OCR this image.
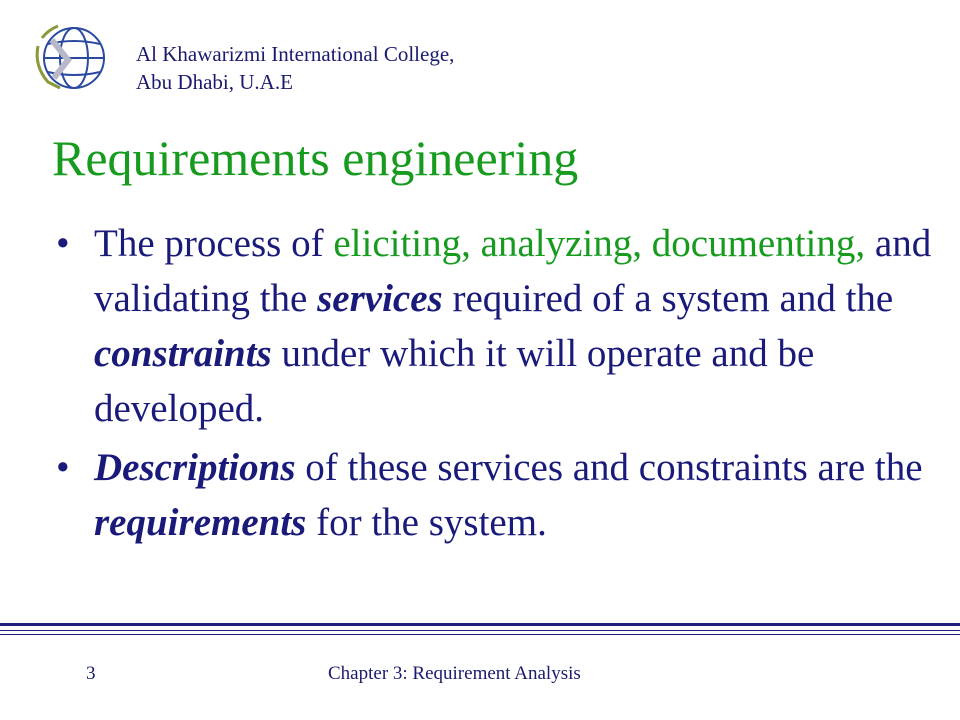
Al Khawarizmi International College,
Abu Dhabi, U.A.E
Requirements engineering
• The process of eliciting, analyzing, documenting, and validating the services required of a system and the constraints under which it will operate and be developed.
• Descriptions of these services and constraints are the requirements for the system.
3	Chapter 3: Requirement Analysis
